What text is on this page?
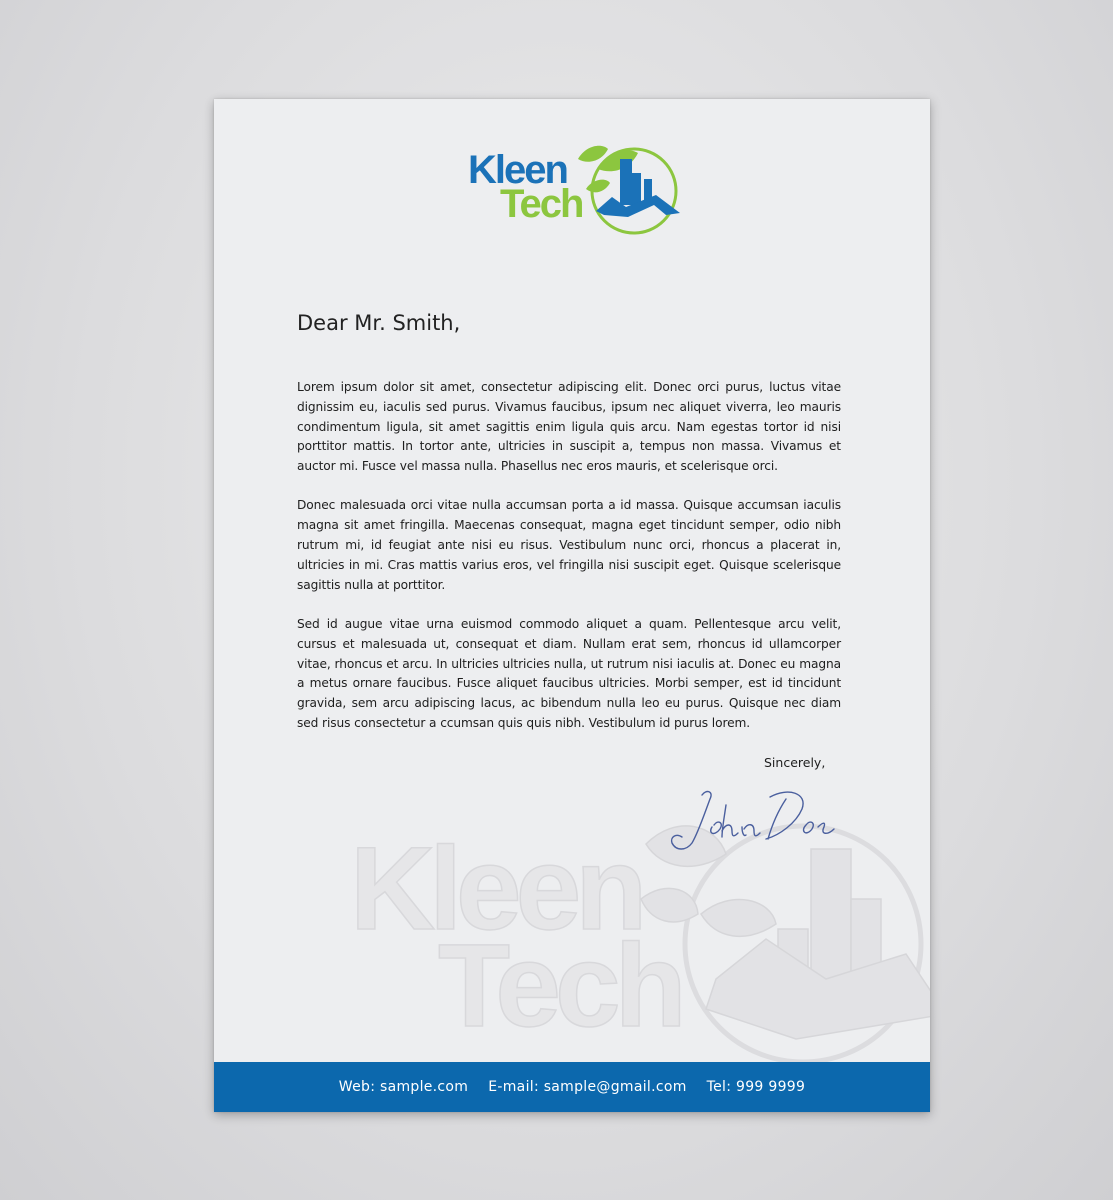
Kleen
Tech
Kleen
Tech
Dear Mr. Smith,

Lorem ipsum dolor sit amet, consectetur adipiscing elit. Donec orci purus, luctus vitae dignissim eu, iaculis sed purus. Vivamus faucibus, ipsum nec aliquet viverra, leo mauris condimentum ligula, sit amet sagittis enim ligula quis arcu. Nam egestas tortor id nisi porttitor mattis. In tortor ante, ultricies in suscipit a, tempus non massa. Vivamus et auctor mi. Fusce vel massa nulla. Phasellus nec eros mauris, et scelerisque orci.

Donec malesuada orci vitae nulla accumsan porta a id massa. Quisque accumsan iaculis magna sit amet fringilla. Maecenas consequat, magna eget tincidunt semper, odio nibh rutrum mi, id feugiat ante nisi eu risus. Vestibulum nunc orci, rhoncus a placerat in, ultricies in mi. Cras mattis varius eros, vel fringilla nisi suscipit eget. Quisque scelerisque sagittis nulla at porttitor.

Sed id augue vitae urna euismod commodo aliquet a quam. Pellentesque arcu velit, cursus et malesuada ut, consequat et diam. Nullam erat sem, rhoncus id ullamcorper vitae, rhoncus et arcu. In ultricies ultricies nulla, ut rutrum nisi iaculis at. Donec eu magna a metus ornare faucibus. Fusce aliquet faucibus ultricies. Morbi semper, est id tincidunt gravida, sem arcu adipiscing lacus, ac bibendum nulla leo eu purus. Quisque nec diam sed risus consectetur a ccumsan quis quis nibh. Vestibulum id purus lorem.

Sincerely,
Web: sample.com E-mail: sample@gmail.com Tel: 999 9999
